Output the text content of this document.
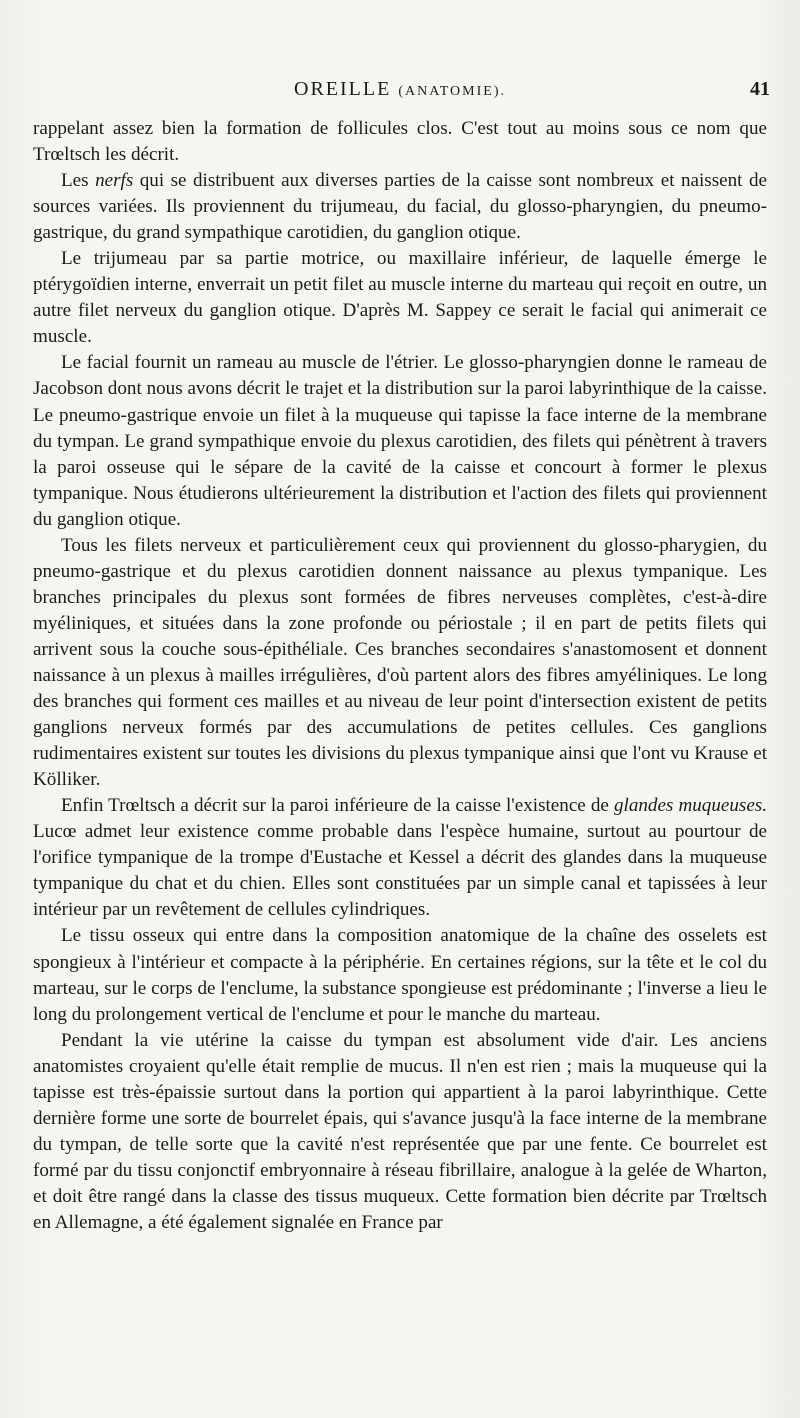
OREILLE (ANATOMIE).	41

rappelant assez bien la formation de follicules clos. C'est tout au moins sous ce nom que Trœltsch les décrit.

Les nerfs qui se distribuent aux diverses parties de la caisse sont nombreux et naissent de sources variées. Ils proviennent du trijumeau, du facial, du glosso-pharyngien, du pneumo-gastrique, du grand sympathique carotidien, du ganglion otique.

Le trijumeau par sa partie motrice, ou maxillaire inférieur, de laquelle émerge le ptérygoïdien interne, enverrait un petit filet au muscle interne du marteau qui reçoit en outre, un autre filet nerveux du ganglion otique. D'après M. Sappey ce serait le facial qui animerait ce muscle.

Le facial fournit un rameau au muscle de l'étrier. Le glosso-pharyngien donne le rameau de Jacobson dont nous avons décrit le trajet et la distribution sur la paroi labyrinthique de la caisse. Le pneumo-gastrique envoie un filet à la muqueuse qui tapisse la face interne de la membrane du tympan. Le grand sympathique envoie du plexus carotidien, des filets qui pénètrent à travers la paroi osseuse qui le sépare de la cavité de la caisse et concourt à former le plexus tympanique. Nous étudierons ultérieurement la distribution et l'action des filets qui proviennent du ganglion otique.

Tous les filets nerveux et particulièrement ceux qui proviennent du glosso-pharygien, du pneumo-gastrique et du plexus carotidien donnent naissance au plexus tympanique. Les branches principales du plexus sont formées de fibres nerveuses complètes, c'est-à-dire myéliniques, et situées dans la zone profonde ou périostale ; il en part de petits filets qui arrivent sous la couche sous-épithéliale. Ces branches secondaires s'anastomosent et donnent naissance à un plexus à mailles irrégulières, d'où partent alors des fibres amyéliniques. Le long des branches qui forment ces mailles et au niveau de leur point d'intersection existent de petits ganglions nerveux formés par des accumulations de petites cellules. Ces ganglions rudimentaires existent sur toutes les divisions du plexus tympanique ainsi que l'ont vu Krause et Kölliker.

Enfin Trœltsch a décrit sur la paroi inférieure de la caisse l'existence de glandes muqueuses. Lucœ admet leur existence comme probable dans l'espèce humaine, surtout au pourtour de l'orifice tympanique de la trompe d'Eustache et Kessel a décrit des glandes dans la muqueuse tympanique du chat et du chien. Elles sont constituées par un simple canal et tapissées à leur intérieur par un revêtement de cellules cylindriques.

Le tissu osseux qui entre dans la composition anatomique de la chaîne des osselets est spongieux à l'intérieur et compacte à la périphérie. En certaines régions, sur la tête et le col du marteau, sur le corps de l'enclume, la substance spongieuse est prédominante ; l'inverse a lieu le long du prolongement vertical de l'enclume et pour le manche du marteau.

Pendant la vie utérine la caisse du tympan est absolument vide d'air. Les anciens anatomistes croyaient qu'elle était remplie de mucus. Il n'en est rien ; mais la muqueuse qui la tapisse est très-épaissie surtout dans la portion qui appartient à la paroi labyrinthique. Cette dernière forme une sorte de bourrelet épais, qui s'avance jusqu'à la face interne de la membrane du tympan, de telle sorte que la cavité n'est représentée que par une fente. Ce bourrelet est formé par du tissu conjonctif embryonnaire à réseau fibrillaire, analogue à la gelée de Wharton, et doit être rangé dans la classe des tissus muqueux. Cette formation bien décrite par Trœltsch en Allemagne, a été également signalée en France par
